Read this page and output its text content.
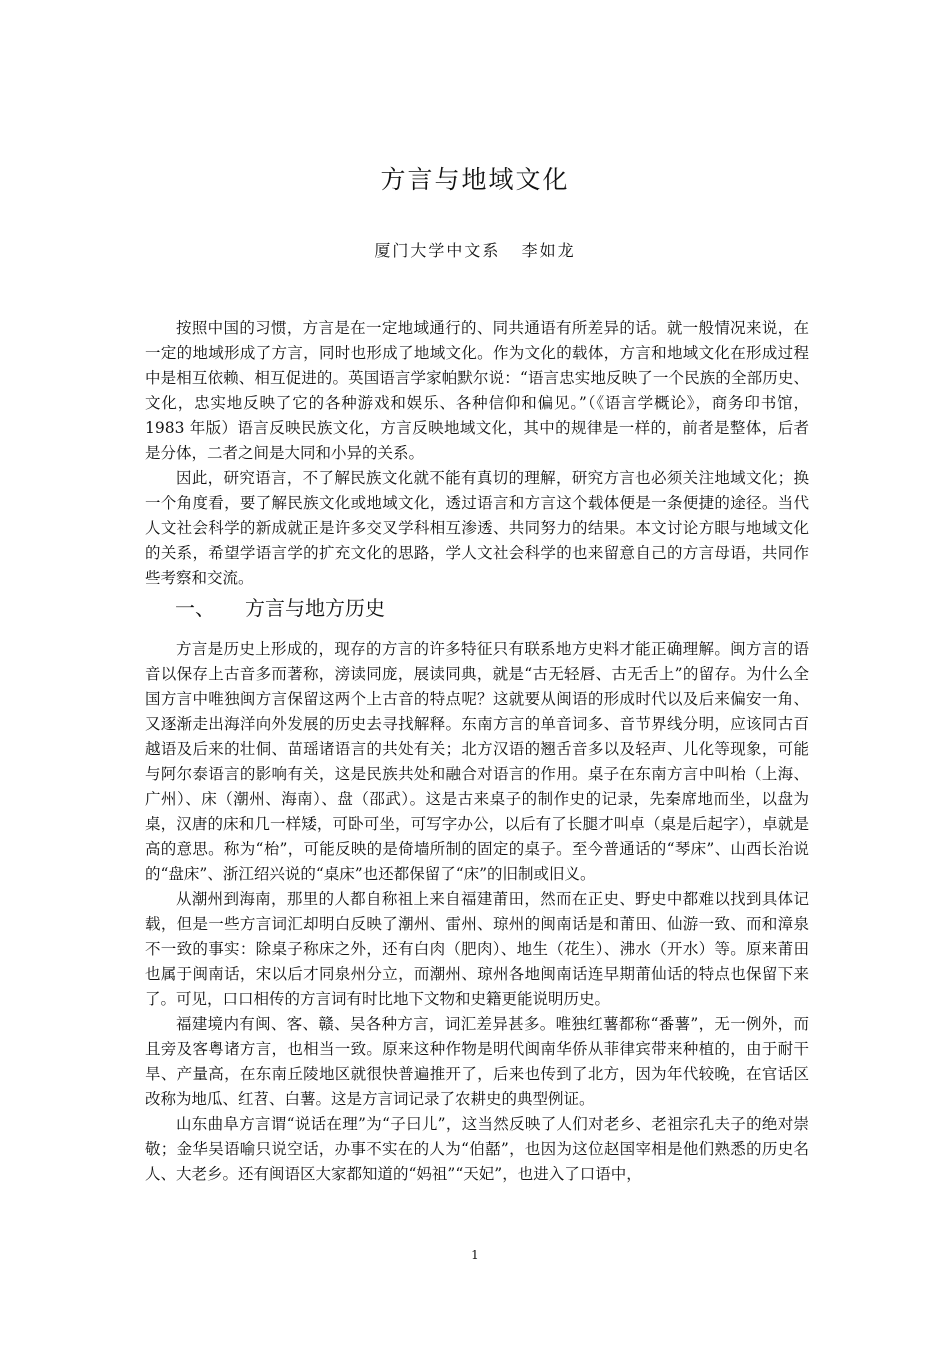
方言与地域文化

厦门大学中文系   李如龙

按照中国的习惯，方言是在一定地域通行的、同共通语有所差异的话。就一般情况来说，在一定的地域形成了方言，同时也形成了地域文化。作为文化的载体，方言和地域文化在形成过程中是相互依赖、相互促进的。英国语言学家帕默尔说：“语言忠实地反映了一个民族的全部历史、文化，忠实地反映了它的各种游戏和娱乐、各种信仰和偏见。”（《语言学概论》，商务印书馆，1983 年版）语言反映民族文化，方言反映地域文化，其中的规律是一样的，前者是整体，后者是分体，二者之间是大同和小异的关系。

因此，研究语言，不了解民族文化就不能有真切的理解，研究方言也必须关注地域文化；换一个角度看，要了解民族文化或地域文化，透过语言和方言这个载体便是一条便捷的途径。当代人文社会科学的新成就正是许多交叉学科相互渗透、共同努力的结果。本文讨论方眼与地域文化的关系，希望学语言学的扩充文化的思路，学人文社会科学的也来留意自己的方言母语，共同作些考察和交流。

一、 方言与地方历史

方言是历史上形成的，现存的方言的许多特征只有联系地方史料才能正确理解。闽方言的语音以保存上古音多而著称，滂读同庞，展读同典，就是“古无轻唇、古无舌上”的留存。为什么全国方言中唯独闽方言保留这两个上古音的特点呢？这就要从闽语的形成时代以及后来偏安一角、又逐渐走出海洋向外发展的历史去寻找解释。东南方言的单音词多、音节界线分明，应该同古百越语及后来的壮侗、苗瑶诸语言的共处有关；北方汉语的翘舌音多以及轻声、儿化等现象，可能与阿尔泰语言的影响有关，这是民族共处和融合对语言的作用。桌子在东南方言中叫枱（上海、广州）、床（潮州、海南）、盘（邵武）。这是古来桌子的制作史的记录，先秦席地而坐，以盘为桌，汉唐的床和几一样矮，可卧可坐，可写字办公，以后有了长腿才叫卓（桌是后起字），卓就是高的意思。称为“枱”，可能反映的是倚墙所制的固定的桌子。至今普通话的“琴床”、山西长治说的“盘床”、浙江绍兴说的“桌床”也还都保留了“床”的旧制或旧义。

从潮州到海南，那里的人都自称祖上来自福建莆田，然而在正史、野史中都难以找到具体记载，但是一些方言词汇却明白反映了潮州、雷州、琼州的闽南话是和莆田、仙游一致、而和漳泉不一致的事实：除桌子称床之外，还有白肉（肥肉）、地生（花生）、沸水（开水）等。原来莆田也属于闽南话，宋以后才同泉州分立，而潮州、琼州各地闽南话连早期莆仙话的特点也保留下来了。可见，口口相传的方言词有时比地下文物和史籍更能说明历史。

福建境内有闽、客、赣、吴各种方言，词汇差异甚多。唯独红薯都称“番薯”，无一例外，而且旁及客粤诸方言，也相当一致。原来这种作物是明代闽南华侨从菲律宾带来种植的，由于耐干旱、产量高，在东南丘陵地区就很快普遍推开了，后来也传到了北方，因为年代较晚，在官话区改称为地瓜、红苕、白薯。这是方言词记录了农耕史的典型例证。

山东曲阜方言谓“说话在理”为“子曰儿”，这当然反映了人们对老乡、老祖宗孔夫子的绝对崇敬；金华吴语喻只说空话，办事不实在的人为“伯嚭”，也因为这位赵国宰相是他们熟悉的历史名人、大老乡。还有闽语区大家都知道的“妈祖”“天妃”，也进入了口语中，

1
